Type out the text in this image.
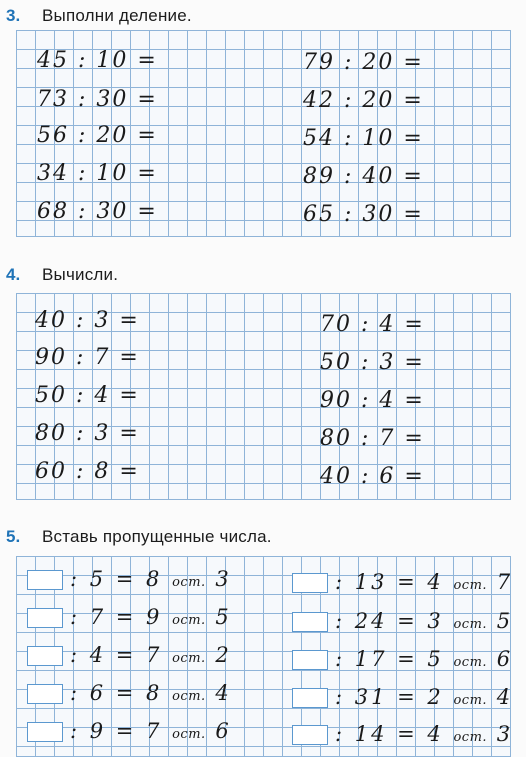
3.	Выполни деление.
45 : 10 =
73 : 30 =
56 : 20 =
34 : 10 =
68 : 30 =
79 : 20 =
42 : 20 =
54 : 10 =
89 : 40 =
65 : 30 =
4.	Вычисли.
40 : 3 =
90 : 7 =
50 : 4 =
80 : 3 =
60 : 8 =
70 : 4 =
50 : 3 =
90 : 4 =
80 : 7 =
40 : 6 =
5.	Вставь пропущенные числа.
: 5 = 8 ост. 3
: 7 = 9 ост. 5
: 4 = 7 ост. 2
: 6 = 8 ост. 4
: 9 = 7 ост. 6
: 13 = 4 ост. 7
: 24 = 3 ост. 5
: 17 = 5 ост. 6
: 31 = 2 ост. 4
: 14 = 4 ост. 3
